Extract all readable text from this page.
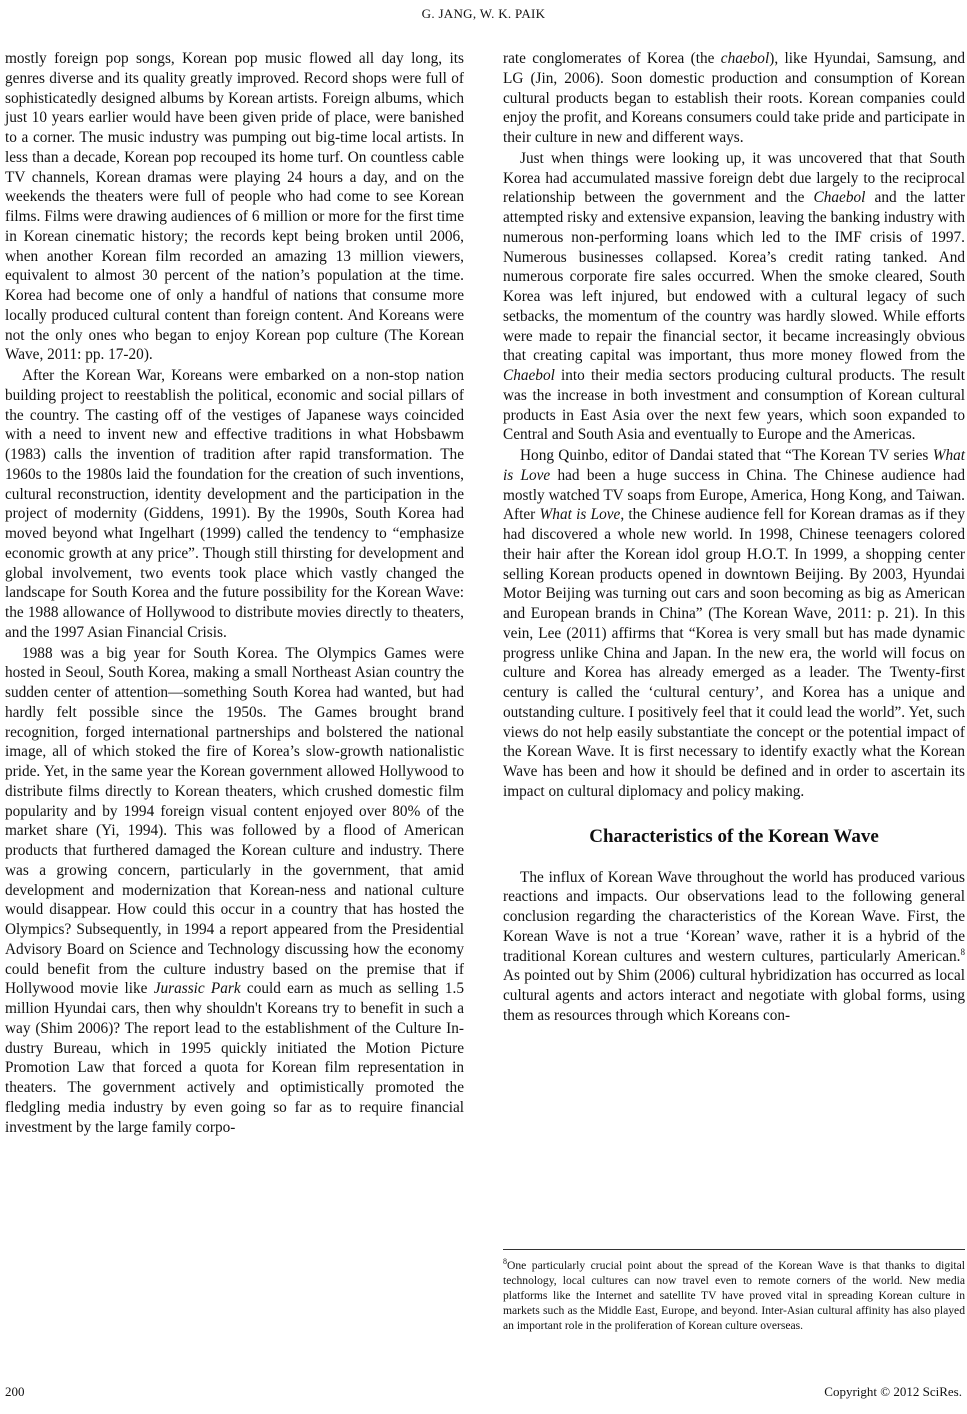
G. JANG, W. K. PAIK

mostly foreign pop songs, Korean pop music flowed all day long, its genres diverse and its quality greatly improved. Record shops were full of sophisticatedly designed albums by Korean artists. Foreign albums, which just 10 years earlier would have been given pride of place, were banished to a corner. The music industry was pumping out big-time local artists. In less than a decade, Korean pop recouped its home turf. On countless cable TV channels, Korean dramas were playing 24 hours a day, and on the weekends the theaters were full of people who had come to see Korean films. Films were drawing audiences of 6 million or more for the first time in Korean cinematic history; the records kept being broken until 2006, when another Korean film recorded an amazing 13 million viewers, equivalent to almost 30 percent of the nation’s population at the time. Korea had become one of only a handful of nations that consume more locally produced cultural content than foreign content. And Koreans were not the only ones who began to enjoy Korean pop culture (The Korean Wave, 2011: pp. 17-20).

After the Korean War, Koreans were embarked on a non-stop nation building project to reestablish the political, economic and social pillars of the country. The casting off of the vestiges of Japanese ways coincided with a need to invent new and effective traditions in what Hobsbawm (1983) calls the invention of tradition after rapid transformation. The 1960s to the 1980s laid the foundation for the creation of such inventions, cultural reconstruction, identity development and the participation in the project of modernity (Giddens, 1991). By the 1990s, South Korea had moved beyond what Ingelhart (1999) called the tendency to “emphasize economic growth at any price”. Though still thirsting for development and global involvement, two events took place which vastly changed the landscape for South Korea and the future possibility for the Korean Wave: the 1988 allowance of Hollywood to distribute movies directly to theaters, and the 1997 Asian Financial Crisis.

1988 was a big year for South Korea. The Olympics Games were hosted in Seoul, South Korea, making a small Northeast Asian country the sudden center of attention—something South Korea had wanted, but had hardly felt possible since the 1950s. The Games brought brand recognition, forged international partnerships and bolstered the national image, all of which stoked the fire of Korea’s slow-growth nationalistic pride. Yet, in the same year the Korean government allowed Hollywood to distribute films directly to Korean theaters, which crushed domestic film popularity and by 1994 foreign visual content enjoyed over 80% of the market share (Yi, 1994). This was followed by a flood of American products that furthered damaged the Korean culture and industry. There was a growing concern, particularly in the government, that amid development and modernization that Korean-ness and national culture would disappear. How could this occur in a country that has hosted the Olympics? Subsequently, in 1994 a report appeared from the Presidential Advisory Board on Science and Technology discussing how the economy could benefit from the culture industry based on the premise that if Hollywood movie like Jurassic Park could earn as much as selling 1.5 million Hyundai cars, then why shouldn't Koreans try to benefit in such a way (Shim 2006)? The report lead to the establishment of the Culture In-dustry Bureau, which in 1995 quickly initiated the Motion Picture Promotion Law that forced a quota for Korean film representation in theaters. The government actively and optimistically promoted the fledgling media industry by even going so far as to require financial investment by the large family corpo-

rate conglomerates of Korea (the chaebol), like Hyundai, Samsung, and LG (Jin, 2006). Soon domestic production and consumption of Korean cultural products began to establish their roots. Korean companies could enjoy the profit, and Koreans consumers could take pride and participate in their culture in new and different ways.

Just when things were looking up, it was uncovered that that South Korea had accumulated massive foreign debt due largely to the reciprocal relationship between the government and the Chaebol and the latter attempted risky and extensive expansion, leaving the banking industry with numerous non-performing loans which led to the IMF crisis of 1997. Numerous businesses collapsed. Korea’s credit rating tanked. And numerous corporate fire sales occurred. When the smoke cleared, South Korea was left injured, but endowed with a cultural legacy of such setbacks, the momentum of the country was hardly slowed. While efforts were made to repair the financial sector, it became increasingly obvious that creating capital was important, thus more money flowed from the Chaebol into their media sectors producing cultural products. The result was the increase in both investment and consumption of Korean cultural products in East Asia over the next few years, which soon expanded to Central and South Asia and eventually to Europe and the Americas.

Hong Quinbo, editor of Dandai stated that “The Korean TV series What is Love had been a huge success in China. The Chinese audience had mostly watched TV soaps from Europe, America, Hong Kong, and Taiwan. After What is Love, the Chinese audience fell for Korean dramas as if they had discovered a whole new world. In 1998, Chinese teenagers colored their hair after the Korean idol group H.O.T. In 1999, a shopping center selling Korean products opened in downtown Beijing. By 2003, Hyundai Motor Beijing was turning out cars and soon becoming as big as American and European brands in China” (The Korean Wave, 2011: p. 21). In this vein, Lee (2011) affirms that “Korea is very small but has made dynamic progress unlike China and Japan. In the new era, the world will focus on culture and Korea has already emerged as a leader. The Twenty-first century is called the ‘cultural century’, and Korea has a unique and outstanding culture. I positively feel that it could lead the world”. Yet, such views do not help easily substantiate the concept or the potential impact of the Korean Wave. It is first necessary to identify exactly what the Korean Wave has been and how it should be defined and in order to ascertain its impact on cultural diplomacy and policy making.

Characteristics of the Korean Wave

The influx of Korean Wave throughout the world has produced various reactions and impacts. Our observations lead to the following general conclusion regarding the characteristics of the Korean Wave. First, the Korean Wave is not a true ‘Korean’ wave, rather it is a hybrid of the traditional Korean cultures and western cultures, particularly American.$^8$ As pointed out by Shim (2006) cultural hybridization has occurred as local cultural agents and actors interact and negotiate with global forms, using them as resources through which Koreans con-

$^8$One particularly crucial point about the spread of the Korean Wave is that thanks to digital technology, local cultures can now travel even to remote corners of the world. New media platforms like the Internet and satellite TV have proved vital in spreading Korean culture in markets such as the Middle East, Europe, and beyond. Inter-Asian cultural affinity has also played an important role in the proliferation of Korean culture overseas.
200	Copyright © 2012 SciRes.
